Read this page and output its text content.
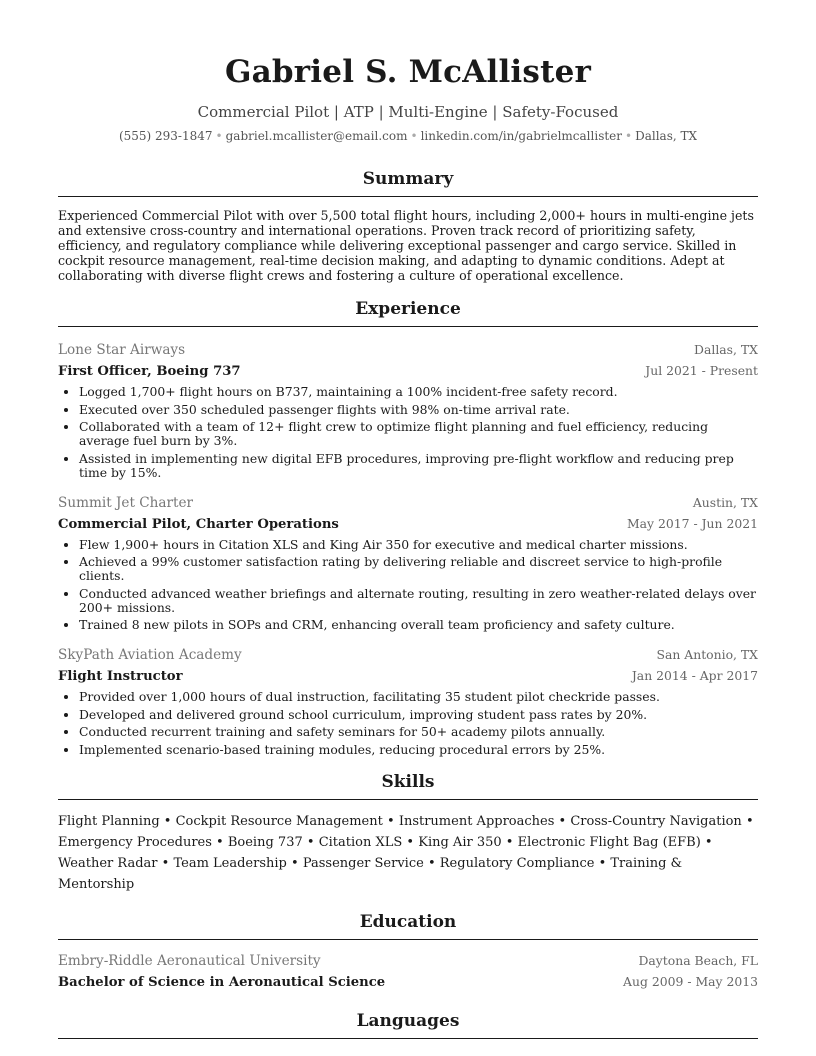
Gabriel S. McAllister
Commercial Pilot | ATP | Multi-Engine | Safety-Focused
(555) 293-1847 • gabriel.mcallister@email.com • linkedin.com/in/gabrielmcallister • Dallas, TX
Summary
Experienced Commercial Pilot with over 5,500 total flight hours, including 2,000+ hours in multi-engine jets and extensive cross-country and international operations. Proven track record of prioritizing safety, efficiency, and regulatory compliance while delivering exceptional passenger and cargo service. Skilled in cockpit resource management, real-time decision making, and adapting to dynamic conditions. Adept at collaborating with diverse flight crews and fostering a culture of operational excellence.
Experience
Lone Star Airways	Dallas, TX
First Officer, Boeing 737	Jul 2021 - Present
• Logged 1,700+ flight hours on B737, maintaining a 100% incident-free safety record.
• Executed over 350 scheduled passenger flights with 98% on-time arrival rate.
• Collaborated with a team of 12+ flight crew to optimize flight planning and fuel efficiency, reducing average fuel burn by 3%.
• Assisted in implementing new digital EFB procedures, improving pre-flight workflow and reducing prep time by 15%.
Summit Jet Charter	Austin, TX
Commercial Pilot, Charter Operations	May 2017 - Jun 2021
• Flew 1,900+ hours in Citation XLS and King Air 350 for executive and medical charter missions.
• Achieved a 99% customer satisfaction rating by delivering reliable and discreet service to high-profile clients.
• Conducted advanced weather briefings and alternate routing, resulting in zero weather-related delays over 200+ missions.
• Trained 8 new pilots in SOPs and CRM, enhancing overall team proficiency and safety culture.
SkyPath Aviation Academy	San Antonio, TX
Flight Instructor	Jan 2014 - Apr 2017
• Provided over 1,000 hours of dual instruction, facilitating 35 student pilot checkride passes.
• Developed and delivered ground school curriculum, improving student pass rates by 20%.
• Conducted recurrent training and safety seminars for 50+ academy pilots annually.
• Implemented scenario-based training modules, reducing procedural errors by 25%.
Skills
Flight Planning • Cockpit Resource Management • Instrument Approaches • Cross-Country Navigation • Emergency Procedures • Boeing 737 • Citation XLS • King Air 350 • Electronic Flight Bag (EFB) • Weather Radar • Team Leadership • Passenger Service • Regulatory Compliance • Training & Mentorship
Education
Embry-Riddle Aeronautical University	Daytona Beach, FL
Bachelor of Science in Aeronautical Science	Aug 2009 - May 2013
Languages
